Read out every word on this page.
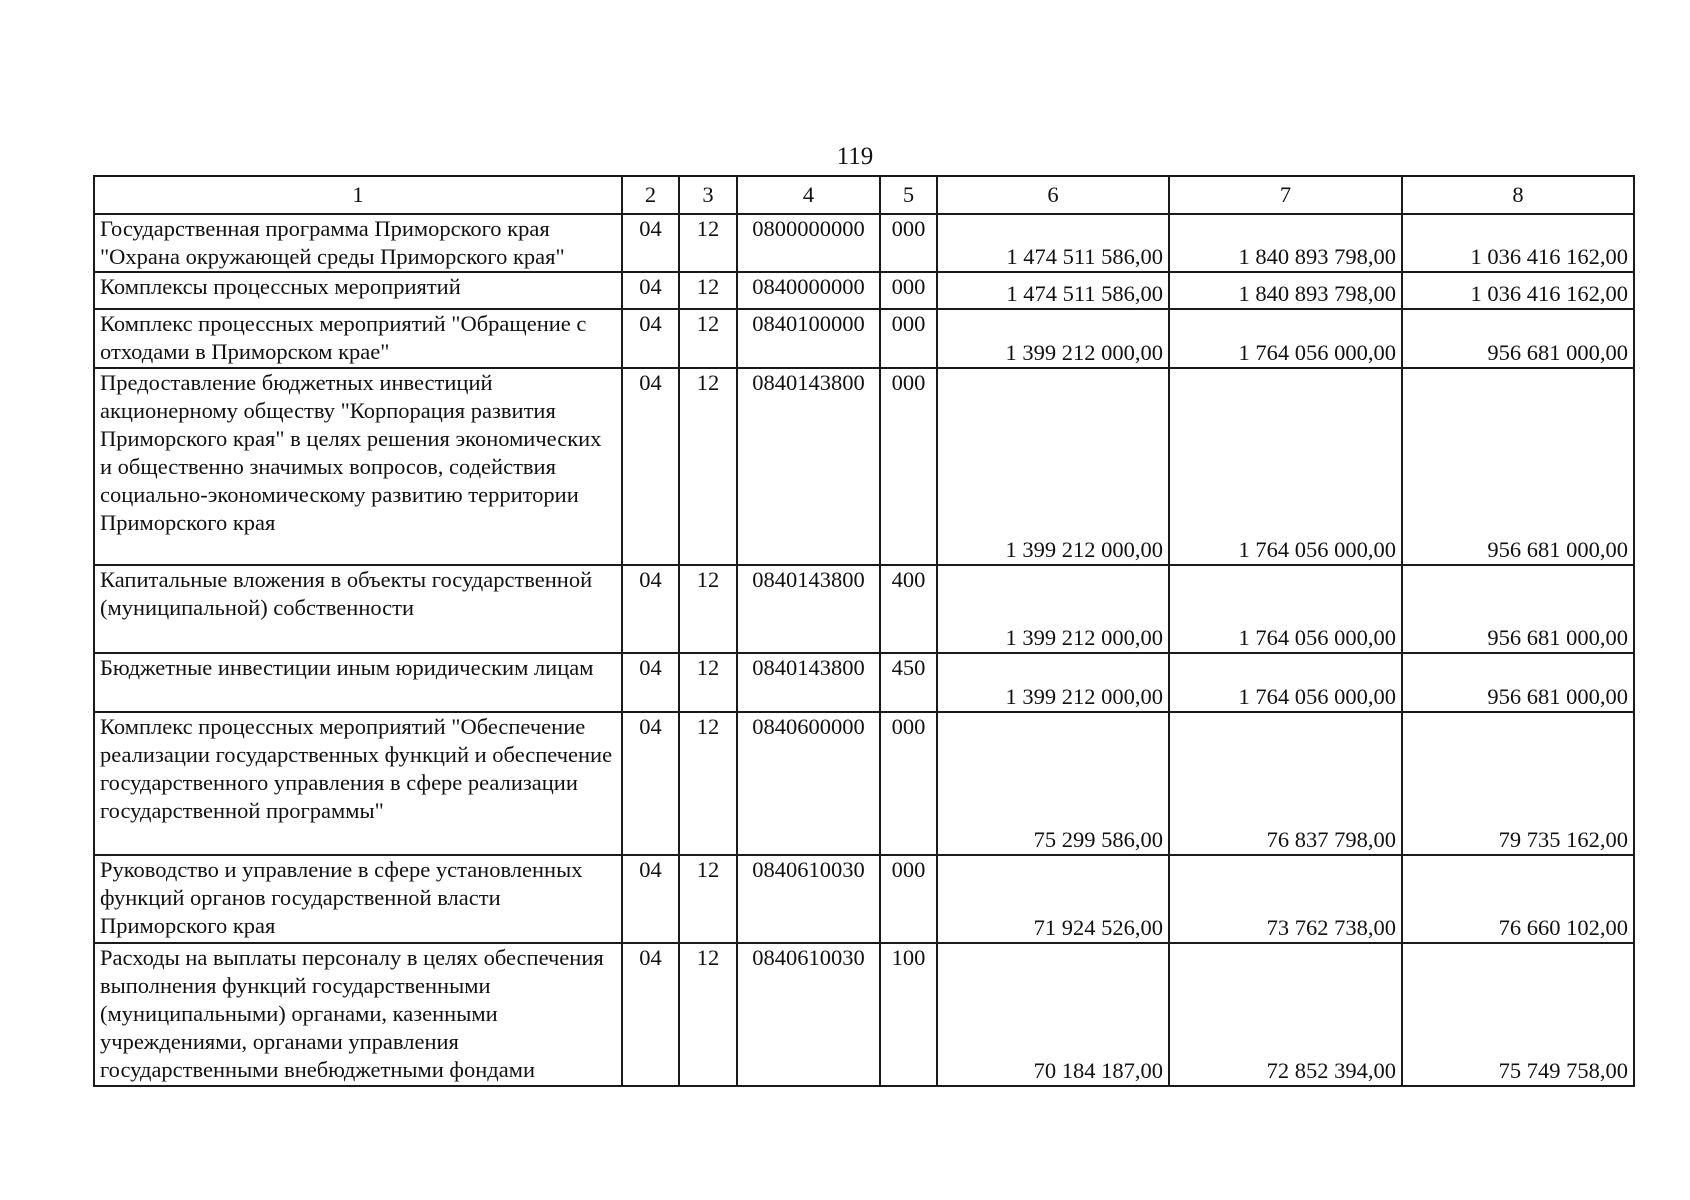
119
1	2	3	4	5	6	7	8
Государственная программа Приморского края "Охрана окружающей среды Приморского края"	04	12	0800000000	000	1 474 511 586,00	1 840 893 798,00	1 036 416 162,00
Комплексы процессных мероприятий	04	12	0840000000	000	1 474 511 586,00	1 840 893 798,00	1 036 416 162,00
Комплекс процессных мероприятий "Обращение с отходами в Приморском крае"	04	12	0840100000	000	1 399 212 000,00	1 764 056 000,00	956 681 000,00
Предоставление бюджетных инвестиций акционерному обществу "Корпорация развития Приморского края" в целях решения экономических и общественно значимых вопросов, содействия социально-экономическому развитию территории Приморского края	04	12	0840143800	000	1 399 212 000,00	1 764 056 000,00	956 681 000,00
Капитальные вложения в объекты государственной (муниципальной) собственности	04	12	0840143800	400	1 399 212 000,00	1 764 056 000,00	956 681 000,00
Бюджетные инвестиции иным юридическим лицам	04	12	0840143800	450	1 399 212 000,00	1 764 056 000,00	956 681 000,00
Комплекс процессных мероприятий "Обеспечение реализации государственных функций и обеспечение государственного управления в сфере реализации государственной программы"	04	12	0840600000	000	75 299 586,00	76 837 798,00	79 735 162,00
Руководство и управление в сфере установленных функций органов государственной власти Приморского края	04	12	0840610030	000	71 924 526,00	73 762 738,00	76 660 102,00
Расходы на выплаты персоналу в целях обеспечения выполнения функций государственными (муниципальными) органами, казенными учреждениями, органами управления государственными внебюджетными фондами	04	12	0840610030	100	70 184 187,00	72 852 394,00	75 749 758,00
